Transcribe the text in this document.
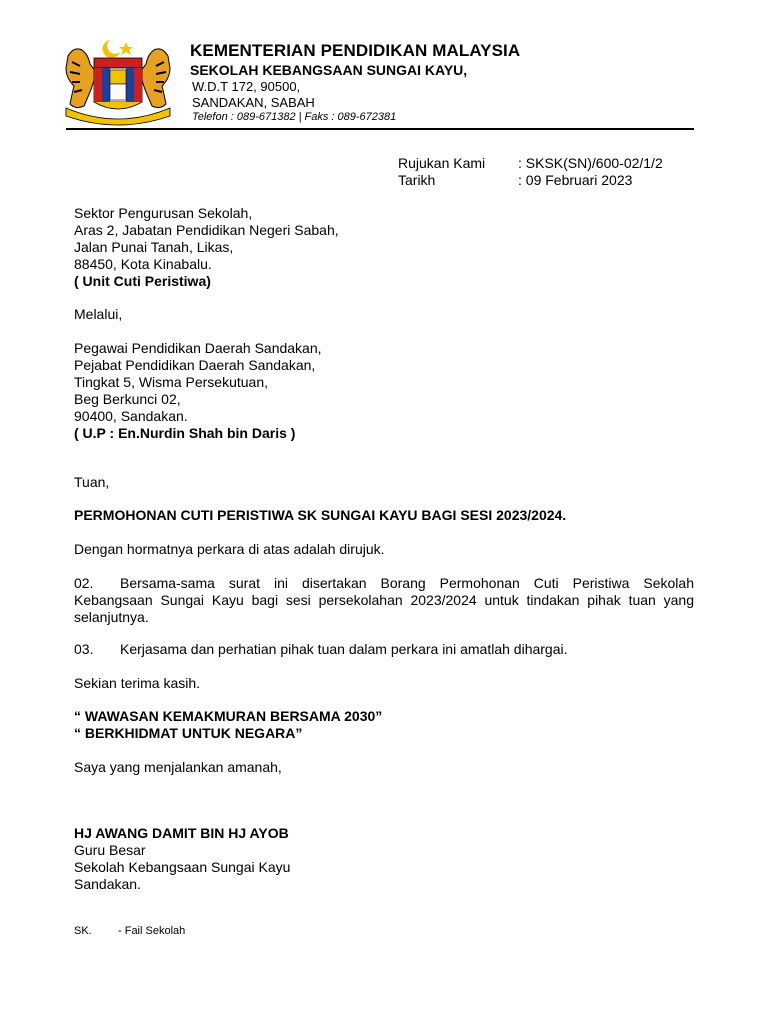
KEMENTERIAN PENDIDIKAN MALAYSIA
SEKOLAH KEBANGSAAN SUNGAI KAYU,
W.D.T 172, 90500,
SANDAKAN, SABAH
Telefon : 089-671382 | Faks : 089-672381
Rujukan Kami : SKSK(SN)/600-02/1/2
Tarikh	: 09 Februari 2023
Sektor Pengurusan Sekolah,
Aras 2, Jabatan Pendidikan Negeri Sabah,
Jalan Punai Tanah, Likas,
88450, Kota Kinabalu.
( Unit Cuti Peristiwa)
Melalui,
Pegawai Pendidikan Daerah Sandakan,
Pejabat Pendidikan Daerah Sandakan,
Tingkat 5, Wisma Persekutuan,
Beg Berkunci 02,
90400, Sandakan.
( U.P : En.Nurdin Shah bin Daris )
Tuan,
PERMOHONAN CUTI PERISTIWA SK SUNGAI KAYU BAGI SESI 2023/2024.
Dengan hormatnya perkara di atas adalah dirujuk.
02. Bersama-sama surat ini disertakan Borang Permohonan Cuti Peristiwa Sekolah Kebangsaan Sungai Kayu bagi sesi persekolahan 2023/2024 untuk tindakan pihak tuan yang selanjutnya.
03. Kerjasama dan perhatian pihak tuan dalam perkara ini amatlah dihargai.
Sekian terima kasih.
“ WAWASAN KEMAKMURAN BERSAMA 2030”
“ BERKHIDMAT UNTUK NEGARA”
Saya yang menjalankan amanah,
HJ AWANG DAMIT BIN HJ AYOB
Guru Besar
Sekolah Kebangsaan Sungai Kayu
Sandakan.
SK. - Fail Sekolah
